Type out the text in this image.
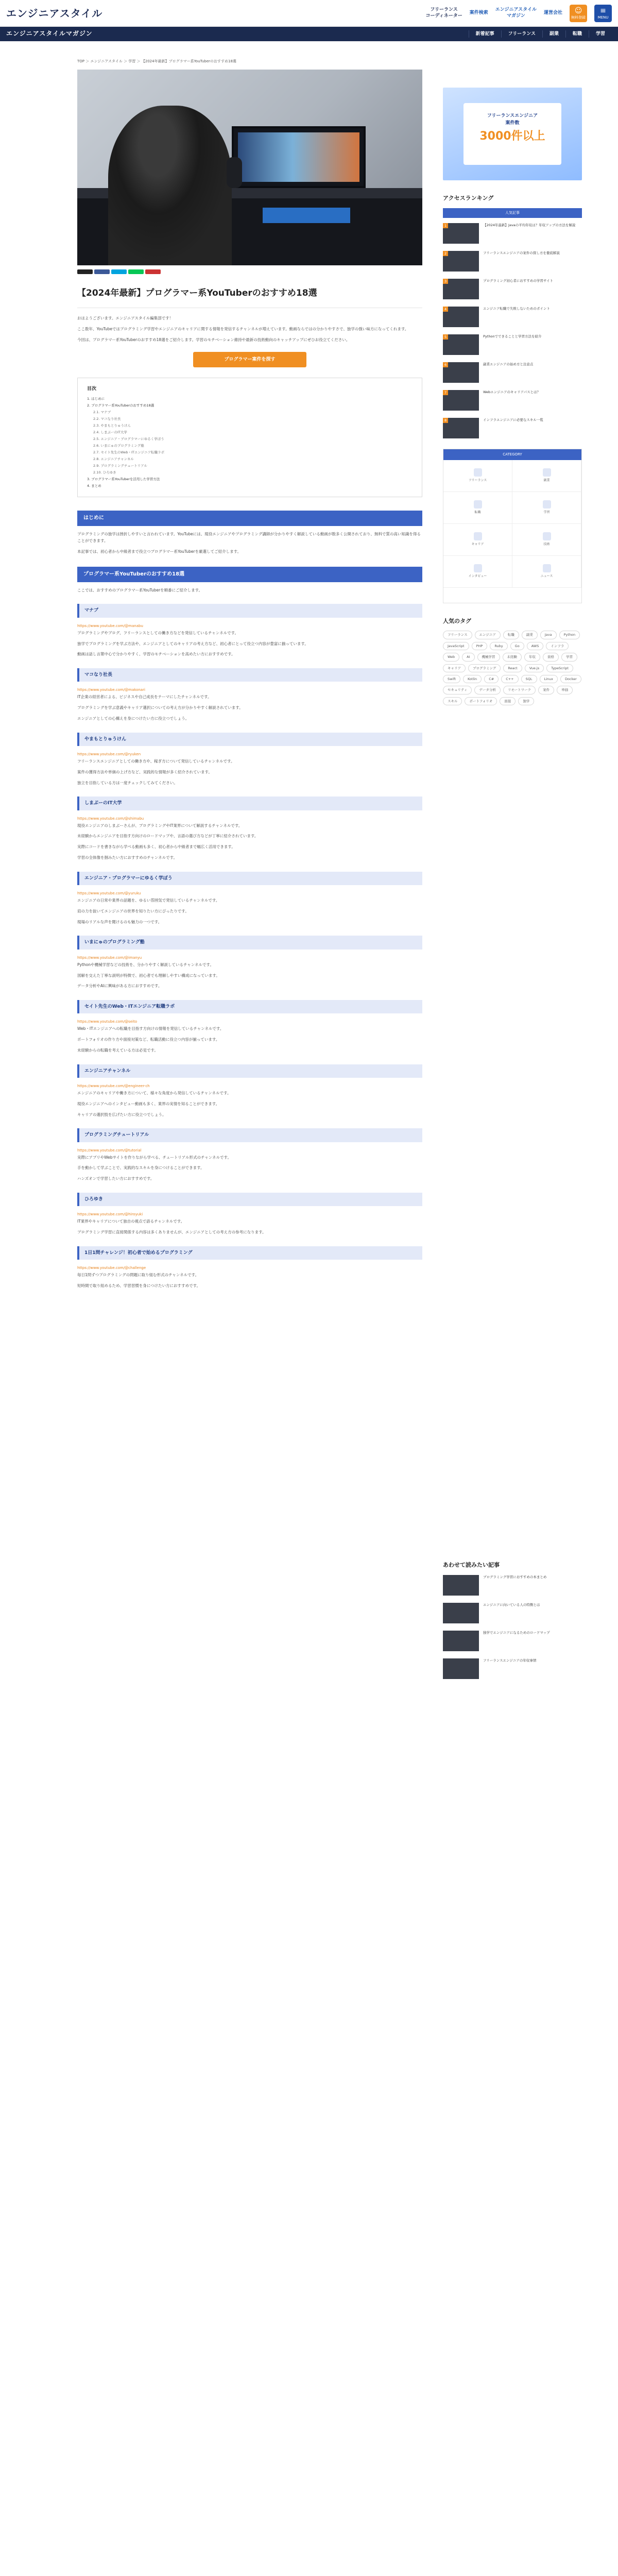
エンジニアスタイル	フリーランス
コーディネーター
案件検索
エンジニアスタイル
マガジン
運営会社 ☺
無料登録
≡
MENU
エンジニアスタイルマガジン	新着記事	フリーランス	副業	転職	学習
TOP ＞ エンジニアスタイル ＞ 学習 ＞ 【2024年最新】プログラマー系YouTuberのおすすめ18選
【2024年最新】プログラマー系YouTuberのおすすめ18選

おはようございます。エンジニアスタイル編集部です！

ここ数年、YouTubeではプログラミング学習やエンジニアのキャリアに関する情報を発信するチャンネルが増えています。動画ならではの分かりやすさで、独学の強い味方になってくれます。

今回は、プログラマー系YouTuberのおすすめ18選をご紹介します。学習のモチベーション維持や最新の技術動向のキャッチアップにぜひお役立てください。

プログラマー案件を探す
目次
1. はじめに
2. プログラマー系YouTuberのおすすめ18選
2.1. マナブ
2.2. マコなり社長
2.3. やまもとりゅうけん
2.4. しまぶーのIT大学
2.5. エンジニア・プログラマーにゆるく学ぼう
2.6. いまにゅのプログラミング塾
2.7. セイト先生のWeb・ITエンジニア転職ラボ
2.8. エンジニアチャンネル
2.9. プログラミングチュートリアル
2.10. ひろゆき
3. プログラマー系YouTuberを活用した学習方法
4. まとめ
はじめに

プログラミングの独学は挫折しやすいと言われています。YouTubeには、現役エンジニアやプログラミング講師が分かりやすく解説している動画が数多く公開されており、無料で質の高い知識を得ることができます。

本記事では、初心者から中級者まで役立つプログラマー系YouTuberを厳選してご紹介します。

プログラマー系YouTuberのおすすめ18選

ここでは、おすすめのプログラマー系YouTuberを順番にご紹介します。

マナブ
https://www.youtube.com/@manabu

プログラミングやブログ、フリーランスとしての働き方などを発信しているチャンネルです。

独学でプログラミングを学ぶ方法や、エンジニアとしてのキャリアの考え方など、初心者にとって役立つ内容が豊富に揃っています。

動画は話し言葉中心で分かりやすく、学習のモチベーションを高めたい方におすすめです。

マコなり社長
https://www.youtube.com/@makonari

IT企業の経営者による、ビジネスや自己成長をテーマにしたチャンネルです。

プログラミングを学ぶ意義やキャリア選択についての考え方が分かりやすく解説されています。

エンジニアとしての心構えを身につけたい方に役立つでしょう。

やまもとりゅうけん
https://www.youtube.com/@ryuken

フリーランスエンジニアとしての働き方や、稼ぎ方について発信しているチャンネルです。

案件の獲得方法や単価の上げ方など、実践的な情報が多く紹介されています。

独立を目指している方は一度チェックしてみてください。

しまぶーのIT大学
https://www.youtube.com/@shimabu

現役エンジニアのしまぶーさんが、プログラミングやIT業界について解説するチャンネルです。

未経験からエンジニアを目指す方向けのロードマップや、言語の選び方などが丁寧に紹介されています。

実際にコードを書きながら学べる動画も多く、初心者から中級者まで幅広く活用できます。

学習の全体像を掴みたい方におすすめのチャンネルです。

エンジニア・プログラマーにゆるく学ぼう
https://www.youtube.com/@yuruku

エンジニアの日常や業界の話題を、ゆるい雰囲気で発信しているチャンネルです。

肩の力を抜いてエンジニアの世界を知りたい方にぴったりです。

現場のリアルな声を聞けるのも魅力の一つです。

いまにゅのプログラミング塾
https://www.youtube.com/@imanyu

Pythonや機械学習などの技術を、分かりやすく解説しているチャンネルです。

図解を交えた丁寧な説明が特徴で、初心者でも理解しやすい構成になっています。

データ分析やAIに興味がある方におすすめです。

セイト先生のWeb・ITエンジニア転職ラボ
https://www.youtube.com/@seito

Web・ITエンジニアへの転職を目指す方向けの情報を発信しているチャンネルです。

ポートフォリオの作り方や面接対策など、転職活動に役立つ内容が揃っています。

未経験からの転職を考えている方は必見です。

エンジニアチャンネル
https://www.youtube.com/@engineer-ch

エンジニアのキャリアや働き方について、様々な角度から発信しているチャンネルです。

現役エンジニアへのインタビュー動画も多く、業界の実情を知ることができます。

キャリアの選択肢を広げたい方に役立つでしょう。

プログラミングチュートリアル
https://www.youtube.com/@tutorial

実際にアプリやWebサイトを作りながら学べる、チュートリアル形式のチャンネルです。

手を動かして学ぶことで、実践的なスキルを身につけることができます。

ハンズオンで学習したい方におすすめです。

ひろゆき
https://www.youtube.com/@hiroyuki

IT業界やキャリアについて独自の視点で語るチャンネルです。

プログラミング学習に直接関係する内容は多くありませんが、エンジニアとしての考え方の参考になります。

1日1問チャレンジ！初心者で始めるプログラミング
https://www.youtube.com/@challenge

毎日1問ずつプログラミングの問題に取り組む形式のチャンネルです。

短時間で取り組めるため、学習習慣を身につけたい方におすすめです。

フリーランスエンジニア
案件数
3000件以上
アクセスランキング
人気記事
1	【2024年最新】Javaの平均年収は？年収アップの方法を解説
2	フリーランスエンジニアの案件の探し方を徹底解説
3	プログラミング初心者におすすめの学習サイト
4	エンジニア転職で失敗しないためのポイント
5	Pythonでできることと学習方法を紹介
6	副業エンジニアの始め方と注意点
7	Webエンジニアのキャリアパスとは？
8	インフラエンジニアに必要なスキル一覧
CATEGORY
フリーランス	副業
転職	学習
キャリア	技術
インタビュー	ニュース
人気のタグ
フリーランス	エンジニア	転職	副業	Java	Python
JavaScript	PHP	Ruby	Go	AWS	インフラ
Web	AI	機械学習	未経験	年収	資格	学習
キャリア	プログラミング	React	Vue.js	TypeScript
Swift	Kotlin	C#	C++	SQL	Linux	Docker
セキュリティ	データ分析	リモートワーク	案件	単価
スキル	ポートフォリオ	面接	独学
あわせて読みたい記事
プログラミング学習におすすめの本まとめ
エンジニアに向いている人の特徴とは
独学でエンジニアになるためのロードマップ
フリーランスエンジニアの年収事情
